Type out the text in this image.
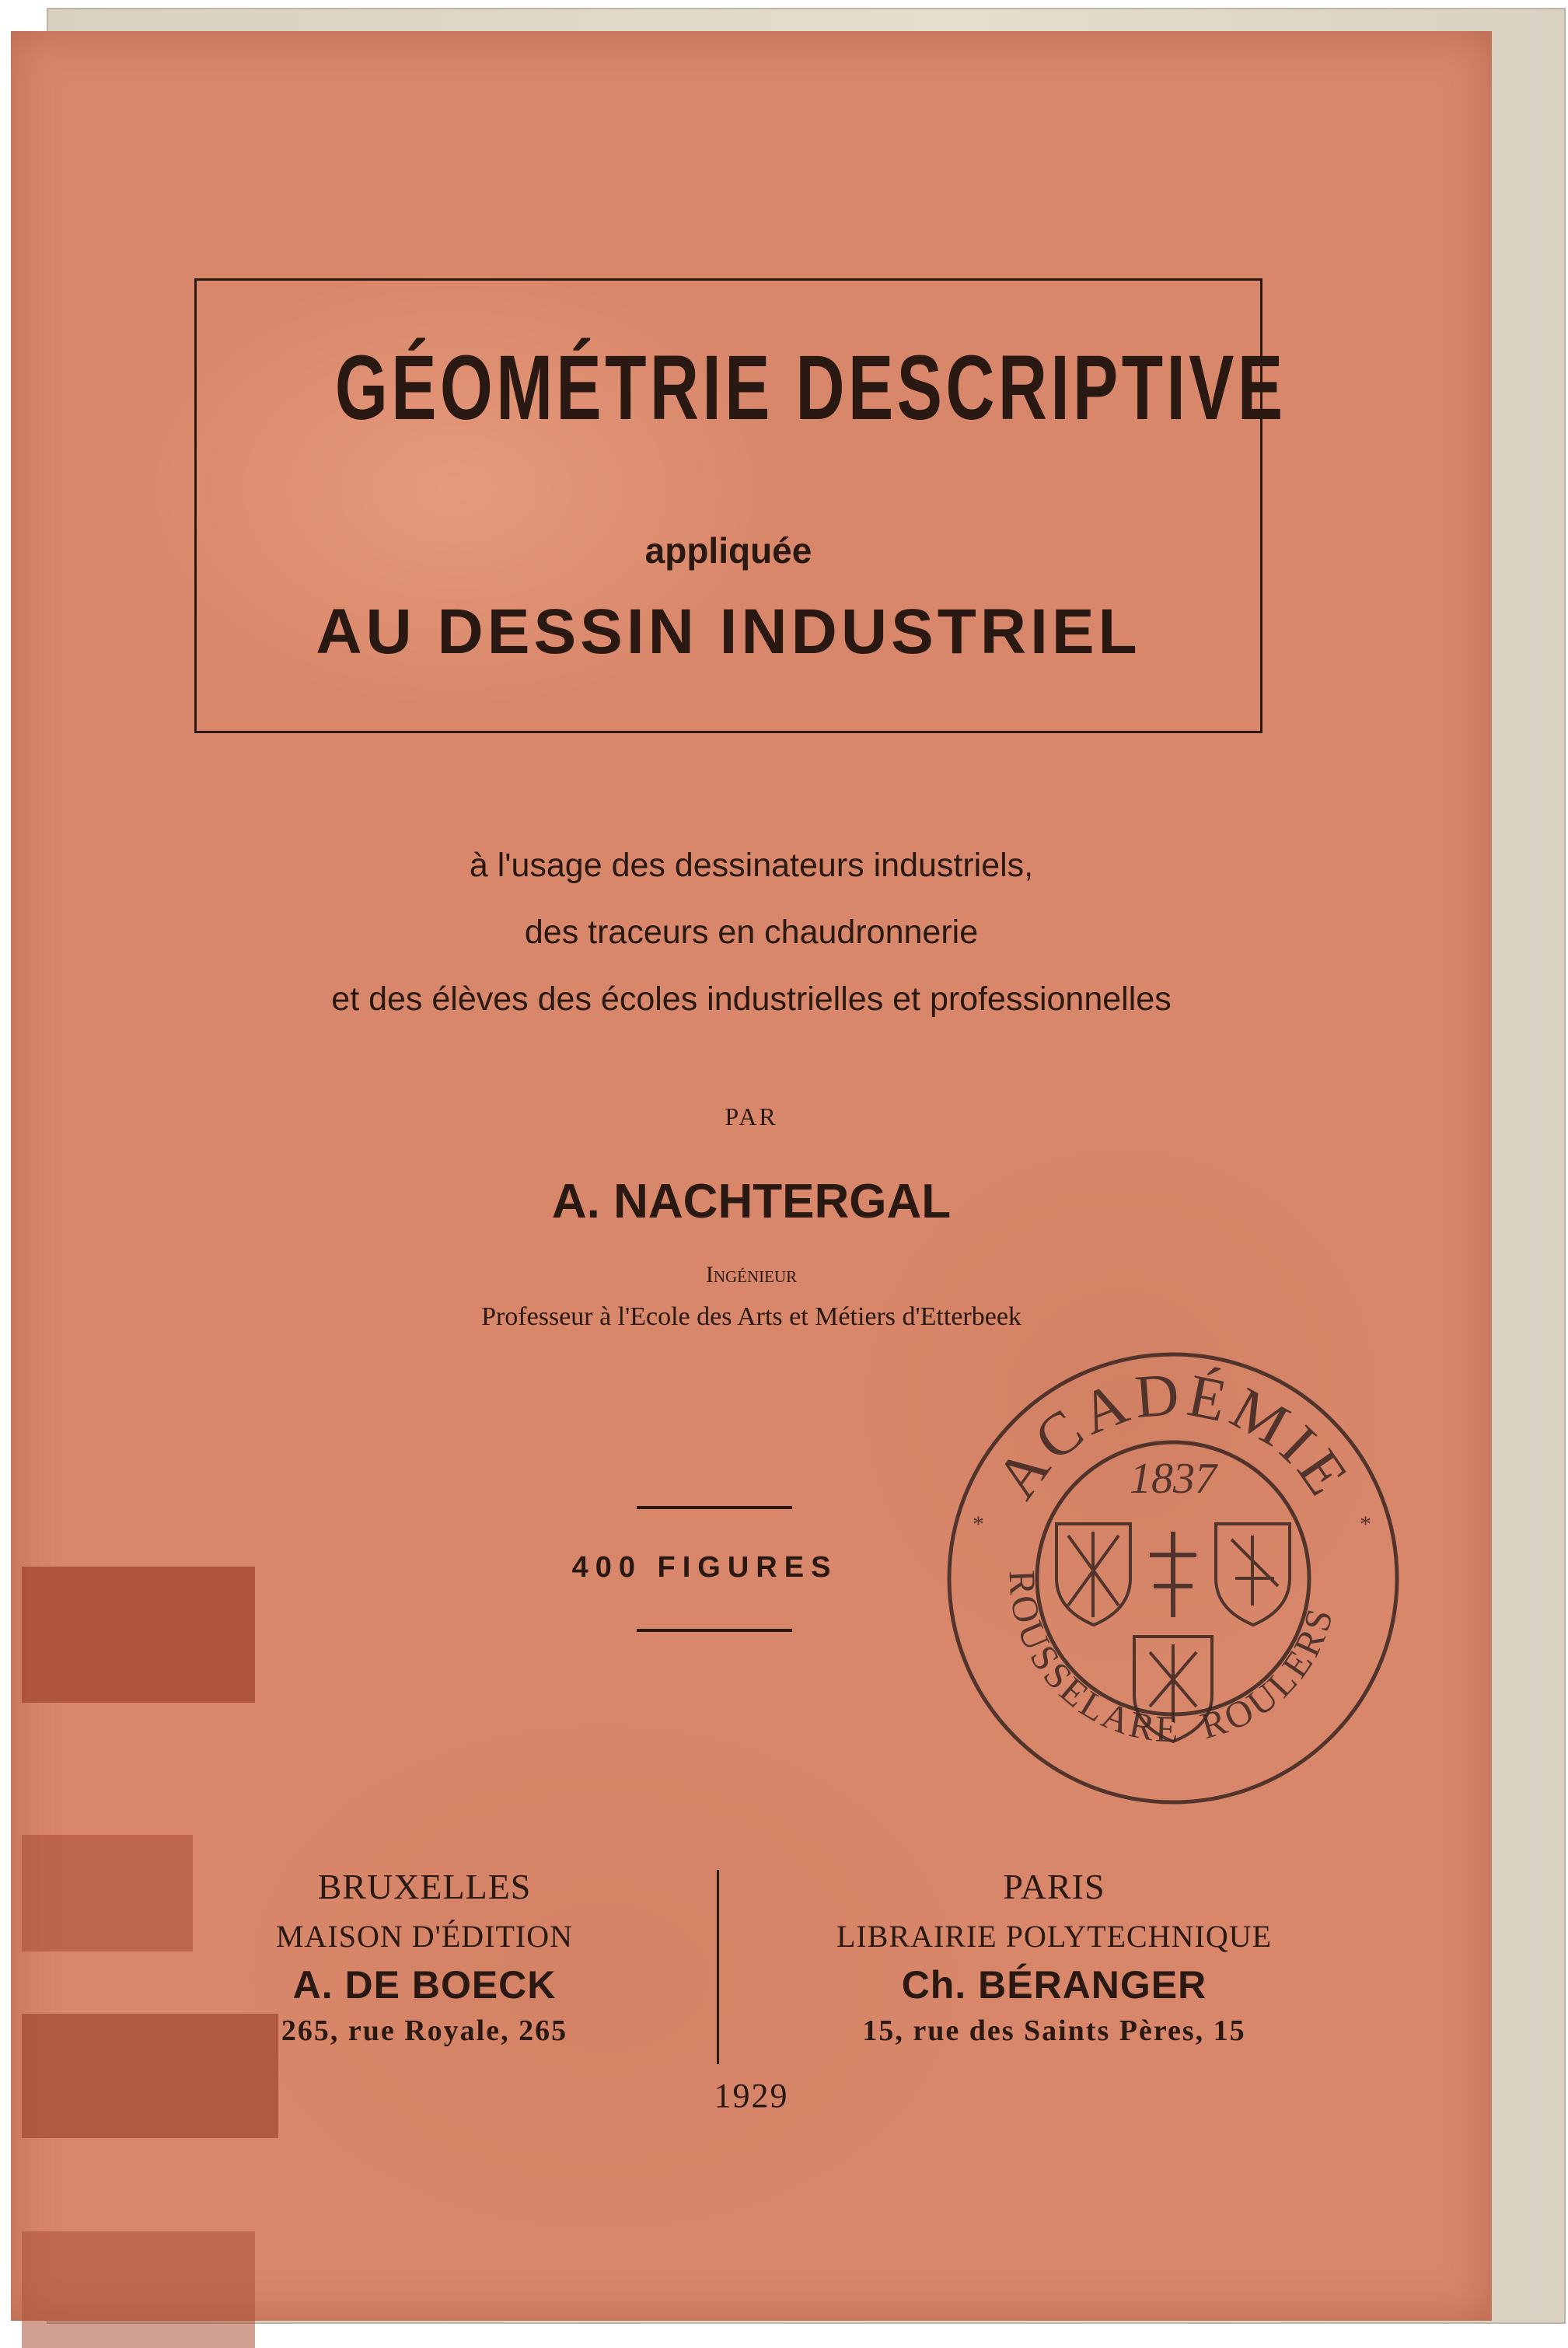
GÉOMÉTRIE DESCRIPTIVE
appliquée
AU DESSIN INDUSTRIEL
à l'usage des dessinateurs industriels,
des traceurs en chaudronnerie
et des élèves des écoles industrielles et professionnelles
PAR
A. NACHTERGAL
Ingénieur
Professeur à l'Ecole des Arts et Métiers d'Etterbeek
400 FIGURES
ACADÉMIE
ROUSSELARE ROULERS
1837
*	*
BRUXELLES
MAISON D'ÉDITION
A. DE BOECK
265, rue Royale, 265
PARIS
LIBRAIRIE POLYTECHNIQUE
Ch. BÉRANGER
15, rue des Saints Pères, 15
1929
